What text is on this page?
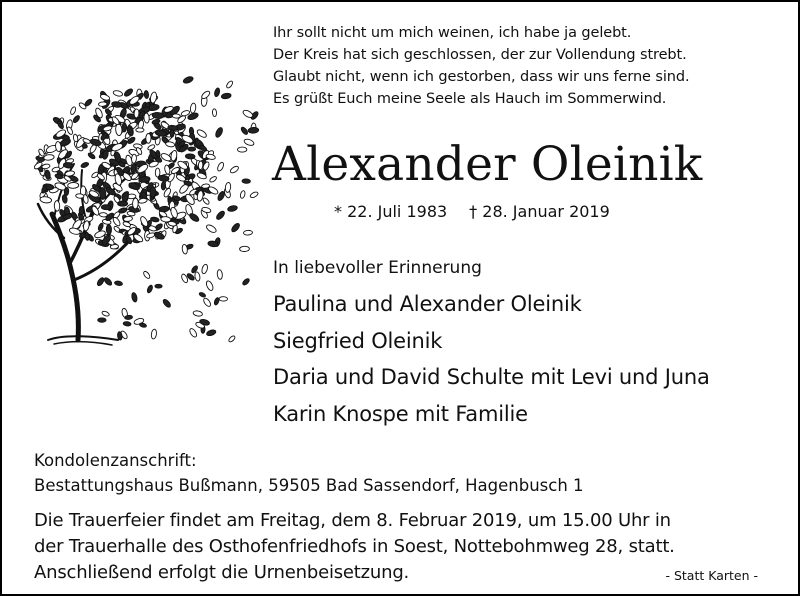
Ihr sollt nicht um mich weinen, ich habe ja gelebt.
Der Kreis hat sich geschlossen, der zur Vollendung strebt.
Glaubt nicht, wenn ich gestorben, dass wir uns ferne sind.
Es grüßt Euch meine Seele als Hauch im Sommerwind.
Alexander Oleinik
* 22. Juli 1983 † 28. Januar 2019
In liebevoller Erinnerung
Paulina und Alexander Oleinik
Siegfried Oleinik
Daria und David Schulte mit Levi und Juna
Karin Knospe mit Familie
Kondolenzanschrift:
Bestattungshaus Bußmann, 59505 Bad Sassendorf, Hagenbusch 1
Die Trauerfeier findet am Freitag, dem 8. Februar 2019, um 15.00 Uhr in
der Trauerhalle des Osthofenfriedhofs in Soest, Nottebohmweg 28, statt.
Anschließend erfolgt die Urnenbeisetzung.	- Statt Karten -
